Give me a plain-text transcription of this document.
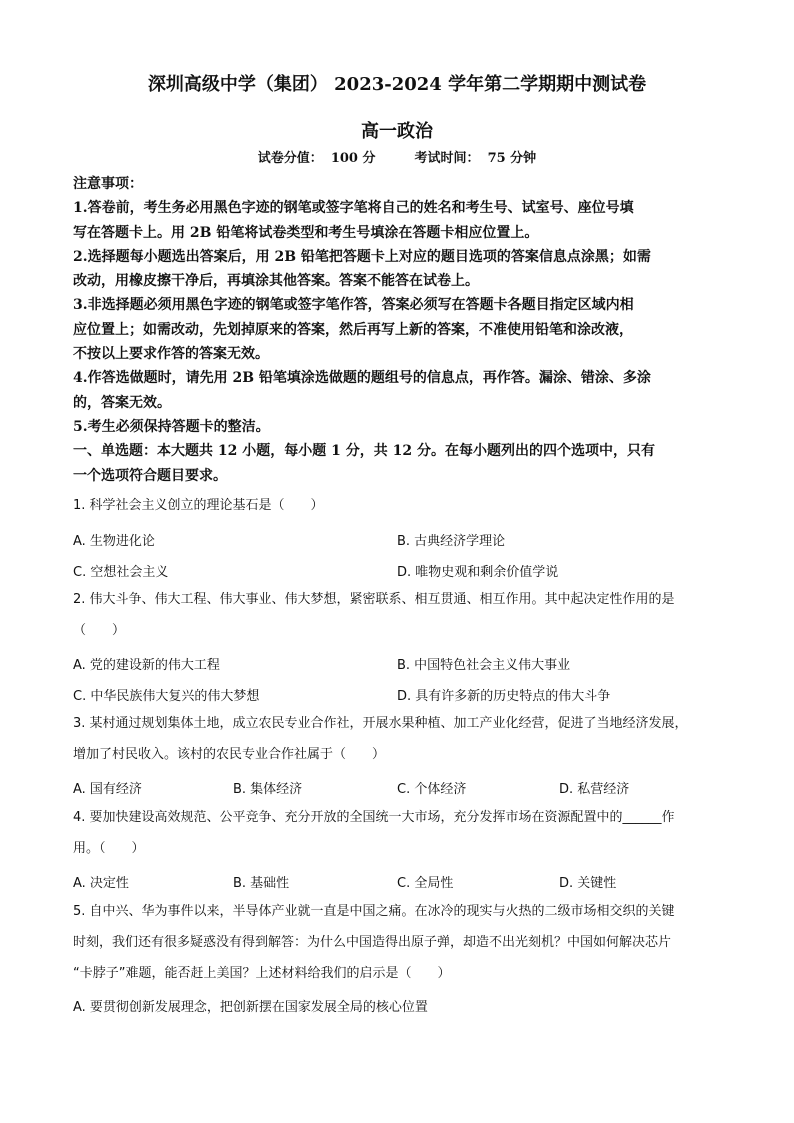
深圳高级中学（集团） 2023-2024 学年第二学期期中测试卷
高一政治
试卷分值： 100 分	考试时间： 75 分钟
注意事项：
1.答卷前，考生务必用黑色字迹的钢笔或签字笔将自己的姓名和考生号、试室号、座位号填
写在答题卡上。用 2B 铅笔将试卷类型和考生号填涂在答题卡相应位置上。
2.选择题每小题选出答案后，用 2B 铅笔把答题卡上对应的题目选项的答案信息点涂黑；如需
改动，用橡皮擦干净后，再填涂其他答案。答案不能答在试卷上。
3.非选择题必须用黑色字迹的钢笔或签字笔作答，答案必须写在答题卡各题目指定区域内相
应位置上；如需改动，先划掉原来的答案，然后再写上新的答案，不准使用铅笔和涂改液，
不按以上要求作答的答案无效。
4.作答选做题时，请先用 2B 铅笔填涂选做题的题组号的信息点，再作答。漏涂、错涂、多涂
的，答案无效。
5.考生必须保持答题卡的整洁。
一、单选题：本大题共 12 小题，每小题 1 分，共 12 分。在每小题列出的四个选项中，只有
一个选项符合题目要求。
1. 科学社会主义创立的理论基石是（　　）
A. 生物进化论	B. 古典经济学理论
C. 空想社会主义	D. 唯物史观和剩余价值学说
2. 伟大斗争、伟大工程、伟大事业、伟大梦想，紧密联系、相互贯通、相互作用。其中起决定性作用的是
（　　）
A. 党的建设新的伟大工程	B. 中国特色社会主义伟大事业
C. 中华民族伟大复兴的伟大梦想	D. 具有许多新的历史特点的伟大斗争
3. 某村通过规划集体土地，成立农民专业合作社，开展水果种植、加工产业化经营，促进了当地经济发展，
增加了村民收入。该村的农民专业合作社属于（　　）
A. 国有经济	B. 集体经济	C. 个体经济	D. 私营经济
4. 要加快建设高效规范、公平竞争、充分开放的全国统一大市场，充分发挥市场在资源配置中的______作
用。（　　）
A. 决定性	B. 基础性	C. 全局性	D. 关键性
5. 自中兴、华为事件以来，半导体产业就一直是中国之痛。在冰冷的现实与火热的二级市场相交织的关键
时刻，我们还有很多疑惑没有得到解答：为什么中国造得出原子弹，却造不出光刻机？中国如何解决芯片
“卡脖子”难题，能否赶上美国？上述材料给我们的启示是（　　）
A. 要贯彻创新发展理念，把创新摆在国家发展全局的核心位置
